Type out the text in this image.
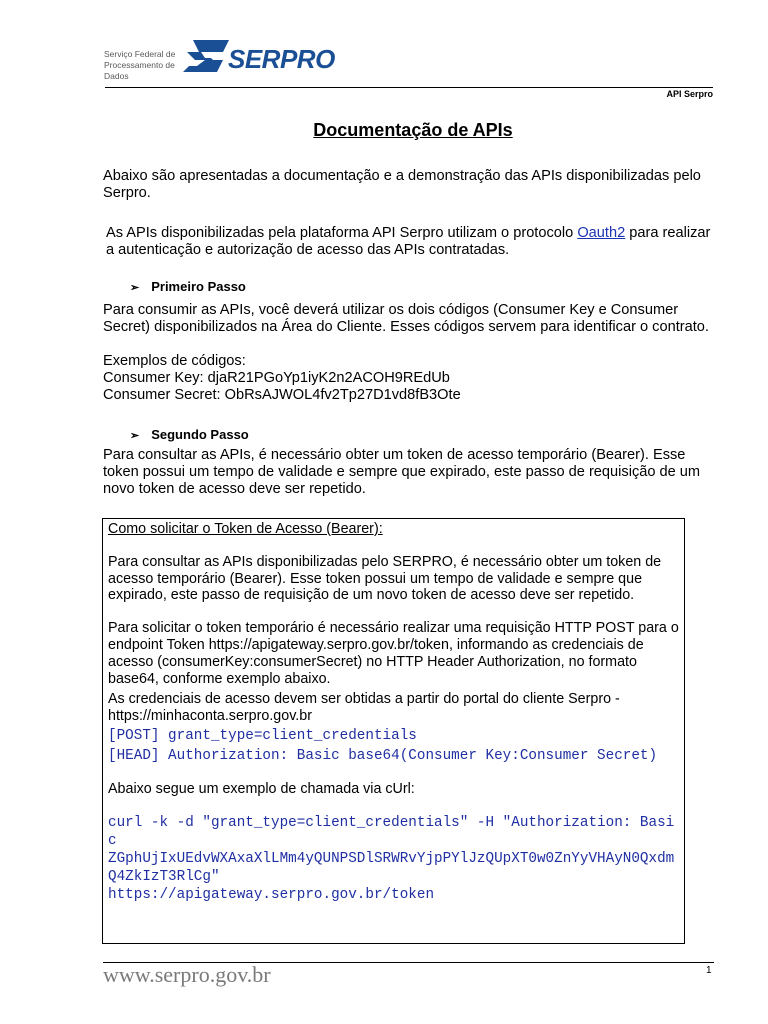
Serviço Federal de
Processamento de Dados
SERPRO
API Serpro
Documentação de APIs

Abaixo são apresentadas a documentação e a demonstração das APIs disponibilizadas pelo Serpro.

As APIs disponibilizadas pela plataforma API Serpro utilizam o protocolo Oauth2 para realizar a autenticação e autorização de acesso das APIs contratadas.

➢ Primeiro Passo

Para consumir as APIs, você deverá utilizar os dois códigos (Consumer Key e Consumer Secret) disponibilizados na Área do Cliente. Esses códigos servem para identificar o contrato.

Exemplos de códigos:
Consumer Key: djaR21PGoYp1iyK2n2ACOH9REdUb
Consumer Secret: ObRsAJWOL4fv2Tp27D1vd8fB3Ote
➢ Segundo Passo

Para consultar as APIs, é necessário obter um token de acesso temporário (Bearer). Esse token possui um tempo de validade e sempre que expirado, este passo de requisição de um novo token de acesso deve ser repetido.

Como solicitar o Token de Acesso (Bearer):
Para consultar as APIs disponibilizadas pelo SERPRO, é necessário obter um token de acesso temporário (Bearer). Esse token possui um tempo de validade e sempre que expirado, este passo de requisição de um novo token de acesso deve ser repetido.
Para solicitar o token temporário é necessário realizar uma requisição HTTP POST para o endpoint Token https://apigateway.serpro.gov.br/token, informando as credenciais de acesso (consumerKey:consumerSecret) no HTTP Header Authorization, no formato base64, conforme exemplo abaixo.
As credenciais de acesso devem ser obtidas a partir do portal do cliente Serpro - https://minhaconta.serpro.gov.br
[POST] grant_type=client_credentials
[HEAD] Authorization: Basic base64(Consumer Key:Consumer Secret)
Abaixo segue um exemplo de chamada via cUrl:
curl -k -d "grant_type=client_credentials" -H "Authorization: Basic
ZGphUjIxUEdvWXAxaXlLMm4yQUNPSDlSRWRvYjpPYlJzQUpXT0w0ZnYyVHAyN0QxdmQ4ZkIzT3RlCg"
https://apigateway.serpro.gov.br/token
www.serpro.gov.br	1
